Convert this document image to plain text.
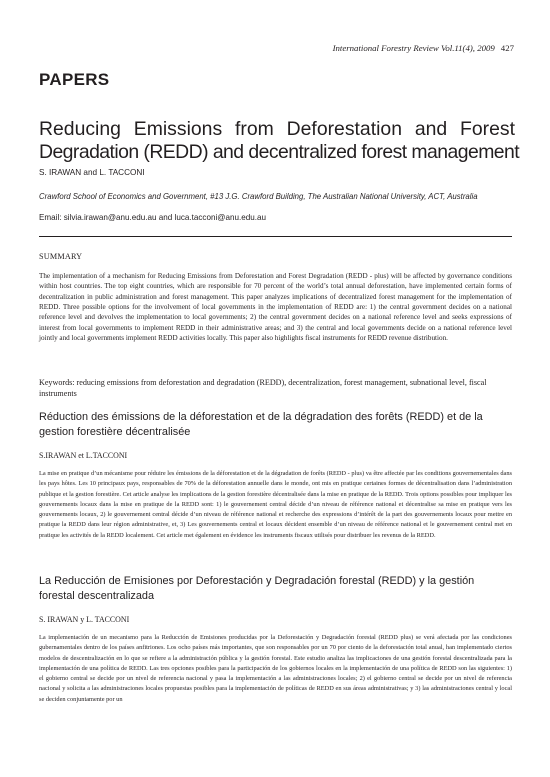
International Forestry Review Vol.11(4), 2009 427
PAPERS
Reducing Emissions from Deforestation and Forest
Degradation (REDD) and decentralized forest management
S. IRAWAN and L. TACCONI
Crawford School of Economics and Government, #13 J.G. Crawford Building, The Australian National University, ACT, Australia
Email: silvia.irawan@anu.edu.au and luca.tacconi@anu.edu.au
SUMMARY
The implementation of a mechanism for Reducing Emissions from Deforestation and Forest Degradation (REDD - plus) will be affected by governance conditions within host countries. The top eight countries, which are responsible for 70 percent of the world’s total annual deforestation, have implemented certain forms of decentralization in public administration and forest management. This paper analyzes implications of decentralized forest management for the implementation of REDD. Three possible options for the involvement of local governments in the implementation of REDD are: 1) the central government decides on a national reference level and devolves the implementation to local governments; 2) the central government decides on a national reference level and seeks expressions of interest from local governments to implement REDD in their administrative areas; and 3) the central and local governments decide on a national reference level jointly and local governments implement REDD activities locally. This paper also highlights fiscal instruments for REDD revenue distribution.
Keywords: reducing emissions from deforestation and degradation (REDD), decentralization, forest management, subnational level, fiscal instruments
Réduction des émissions de la déforestation et de la dégradation des forêts (REDD) et de la gestion forestière décentralisée
S.IRAWAN et L.TACCONI
La mise en pratique d’un mécanisme pour réduire les émissions de la déforestation et de la dégradation de forêts (REDD - plus) va être affectée par les conditions gouvernementales dans les pays hôtes. Les 10 principaux pays, responsables de 70% de la déforestation annuelle dans le monde, ont mis en pratique certaines formes de décentralisation dans l’administration publique et la gestion forestière. Cet article analyse les implications de la gestion forestière décentralisée dans la mise en pratique de la REDD. Trois options possibles pour impliquer les gouvernements locaux dans la mise en pratique de la REDD sont: 1) le gouvernement central décide d’un niveau de référence national et décentralise sa mise en pratique vers les gouvernements locaux, 2) le gouvernement central décide d’un niveau de référence national et recherche des expressions d’intérêt de la part des gouvernements locaux pour mettre en pratique la REDD dans leur région administrative, et, 3) Les gouvernements central et locaux décident ensemble d’un niveau de référence national et le gouvernement central met en pratique les activités de la REDD localement. Cet article met également en évidence les instruments fiscaux utilisés pour distribuer les revenus de la REDD.
La Reducción de Emisiones por Deforestación y Degradación forestal (REDD) y la gestión forestal descentralizada
S. IRAWAN y L. TACCONI
La implementación de un mecanismo para la Reducción de Emisiones producidas por la Deforestación y Degradación forestal (REDD plus) se verá afectada por las condiciones gubernamentales dentro de los países anfitriones. Los ocho países más importantes, que son responsables por un 70 por ciento de la deforestación total anual, han implementado ciertos modelos de descentralización en lo que se refiere a la administración pública y la gestión forestal. Este estudio analiza las implicaciones de una gestión forestal descentralizada para la implementación de una política de REDD. Las tres opciones posibles para la participación de los gobiernos locales en la implementación de una política de REDD son las siguientes: 1) el gobierno central se decide por un nivel de referencia nacional y pasa la implementación a las administraciones locales; 2) el gobierno central se decide por un nivel de referencia nacional y solicita a las administraciones locales propuestas posibles para la implementación de políticas de REDD en sus áreas administrativas; y 3) las administraciones central y local se deciden conjuntamente por un
